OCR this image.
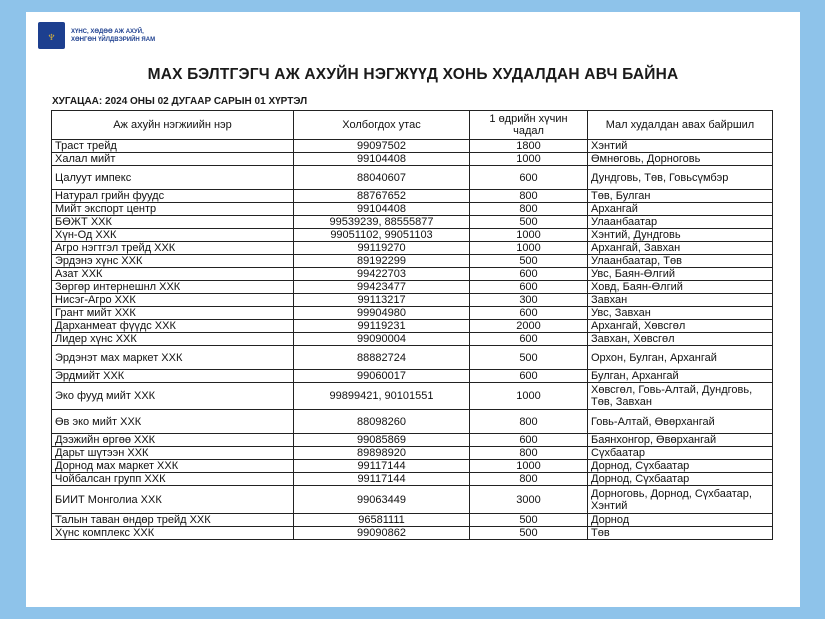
♆ ХҮНС, ХӨДӨӨ АЖ АХУЙ,
ХӨНГӨН ҮЙЛДВЭРИЙН ЯАМ
МАХ БЭЛТГЭГЧ АЖ АХУЙН НЭГЖҮҮД ХОНЬ ХУДАЛДАН АВЧ БАЙНА
ХУГАЦАА: 2024 ОНЫ 02 ДУГААР САРЫН 01 ХҮРТЭЛ
Аж ахуйн нэгжиийн нэр	Холбогдох утас	1 өдрийн хүчин чадал	Мал худалдан авах байршил
Траст трейд	99097502	1800	Хэнтий
Халал мийт	99104408	1000	Өмнөговь, Дорноговь
Цалуут импекс	88040607	600	Дундговь, Төв, Говьсүмбэр
Натурал грийн фуудс	88767652	800	Төв, Булган
Мийт экспорт центр	99104408	800	Архангай
БӨЖТ ХХК	99539239, 88555877	500	Улаанбаатар
Хүн-Од ХХК	99051102, 99051103	1000	Хэнтий, Дундговь
Агро нэгтгэл трейд ХХК	99119270	1000	Архангай, Завхан
Эрдэнэ хүнс ХХК	89192299	500	Улаанбаатар, Төв
Азат ХХК	99422703	600	Увс, Баян-Өлгий
Зөргөр интернешнл ХХК	99423477	600	Ховд, Баян-Өлгий
Нисэг-Агро ХХК	99113217	300	Завхан
Грант мийт ХХК	99904980	600	Увс, Завхан
Дарханмеат фүүдс ХХК	99119231	2000	Архангай, Хөвсгөл
Лидер хүнс ХХК	99090004	600	Завхан, Хөвсгөл
Эрдэнэт мах маркет ХХК	88882724	500	Орхон, Булган, Архангай
Эрдмийт ХХК	99060017	600	Булган, Архангай
Эко фууд мийт ХХК	99899421, 90101551	1000	Хөвсгөл, Говь-Алтай, Дундговь, Төв, Завхан
Өв эко мийт ХХК	88098260	800	Говь-Алтай, Өвөрхангай
Дээжийн өргөө ХХК	99085869	600	Баянхонгор, Өвөрхангай
Дарьт шүтээн ХХК	89898920	800	Сүхбаатар
Дорнод мах маркет ХХК	99117144	1000	Дорнод, Сүхбаатар
Чойбалсан групп ХХК	99117144	800	Дорнод, Сүхбаатар
БИИТ Монголиа ХХК	99063449	3000	Дорноговь, Дорнод, Сүхбаатар, Хэнтий
Талын таван өндөр трейд ХХК	96581111	500	Дорнод
Хүнс комплекс ХХК	99090862	500	Төв
